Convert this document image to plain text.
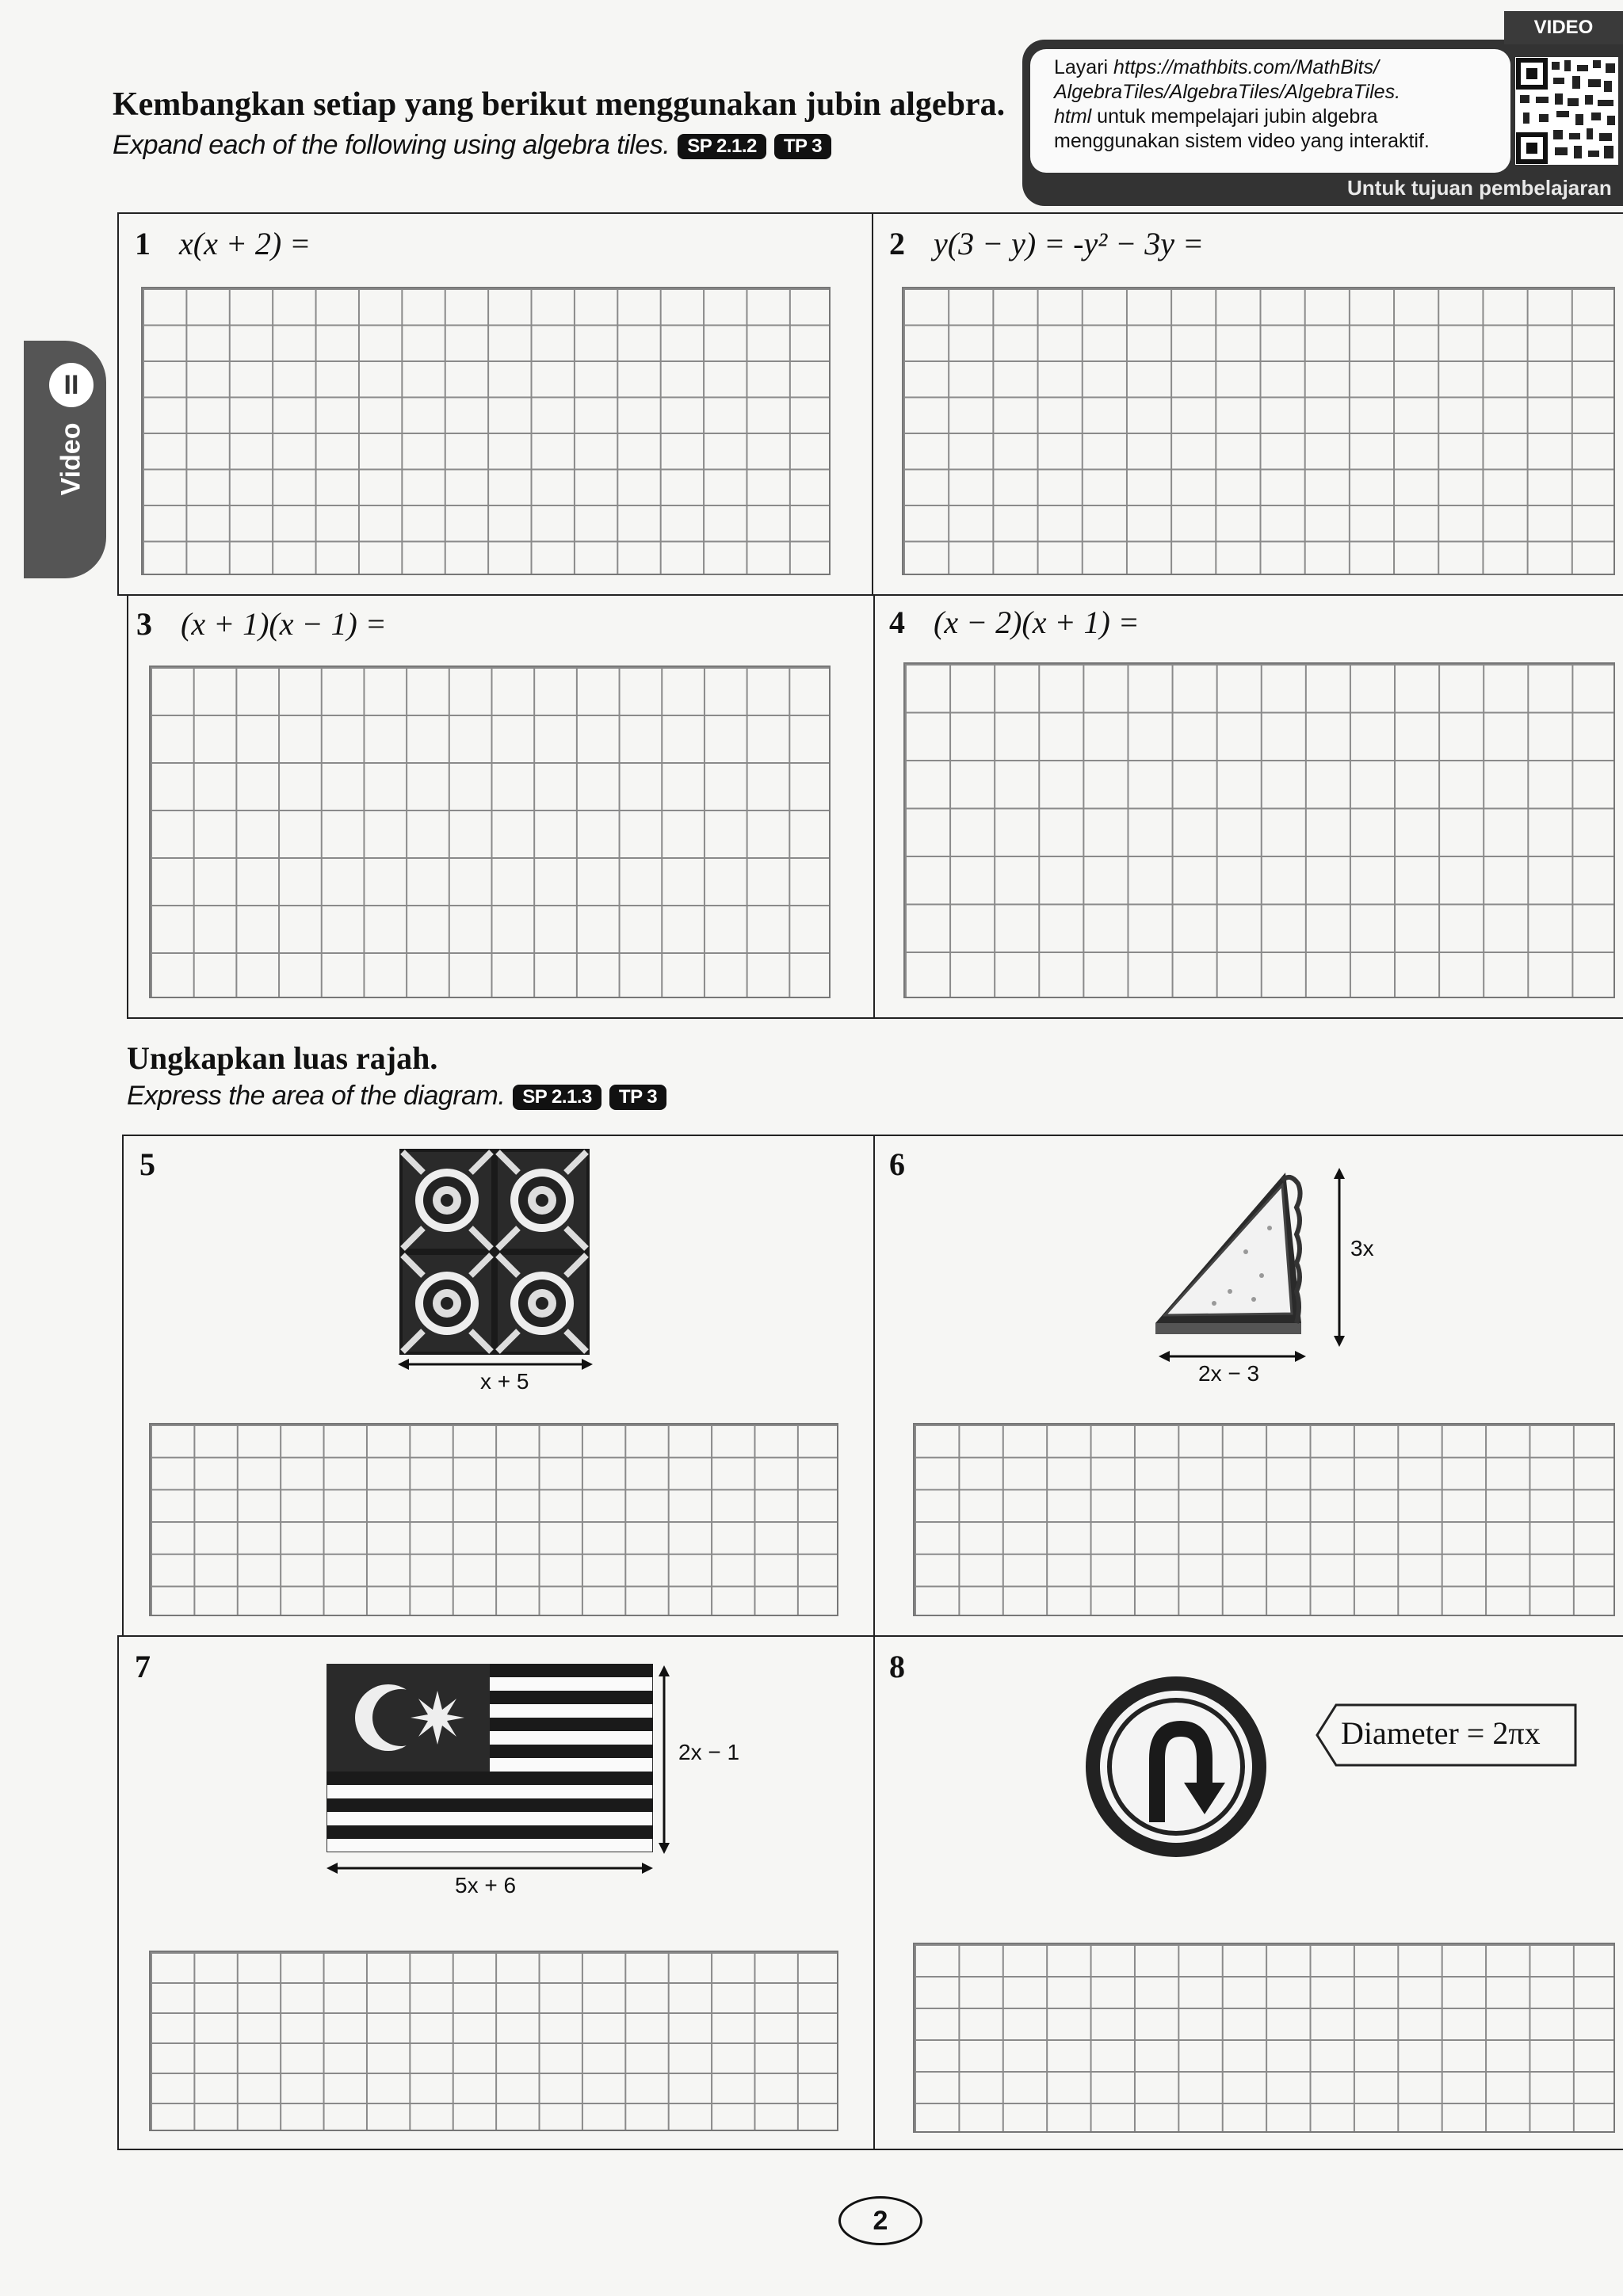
Kembangkan setiap yang berikut menggunakan jubin algebra.
Expand each of the following using algebra tiles. SP 2.1.2 TP 3
VIDEO
Layari https://mathbits.com/MathBits/
AlgebraTiles/AlgebraTiles/AlgebraTiles.
html untuk mempelajari jubin algebra
menggunakan sistem video yang interaktif.
Untuk tujuan pembelajaran
II
Video
1 x(x + 2) =	2 y(3 − y) = -y² − 3y =
3 (x + 1)(x − 1) =	4 (x − 2)(x + 1) =
Ungkapkan luas rajah.
Express the area of the diagram. SP 2.1.3 TP 3
5	6
7	8
x + 5
3x
2x − 3
2x − 1
5x + 6
Diameter = 2πx
2
